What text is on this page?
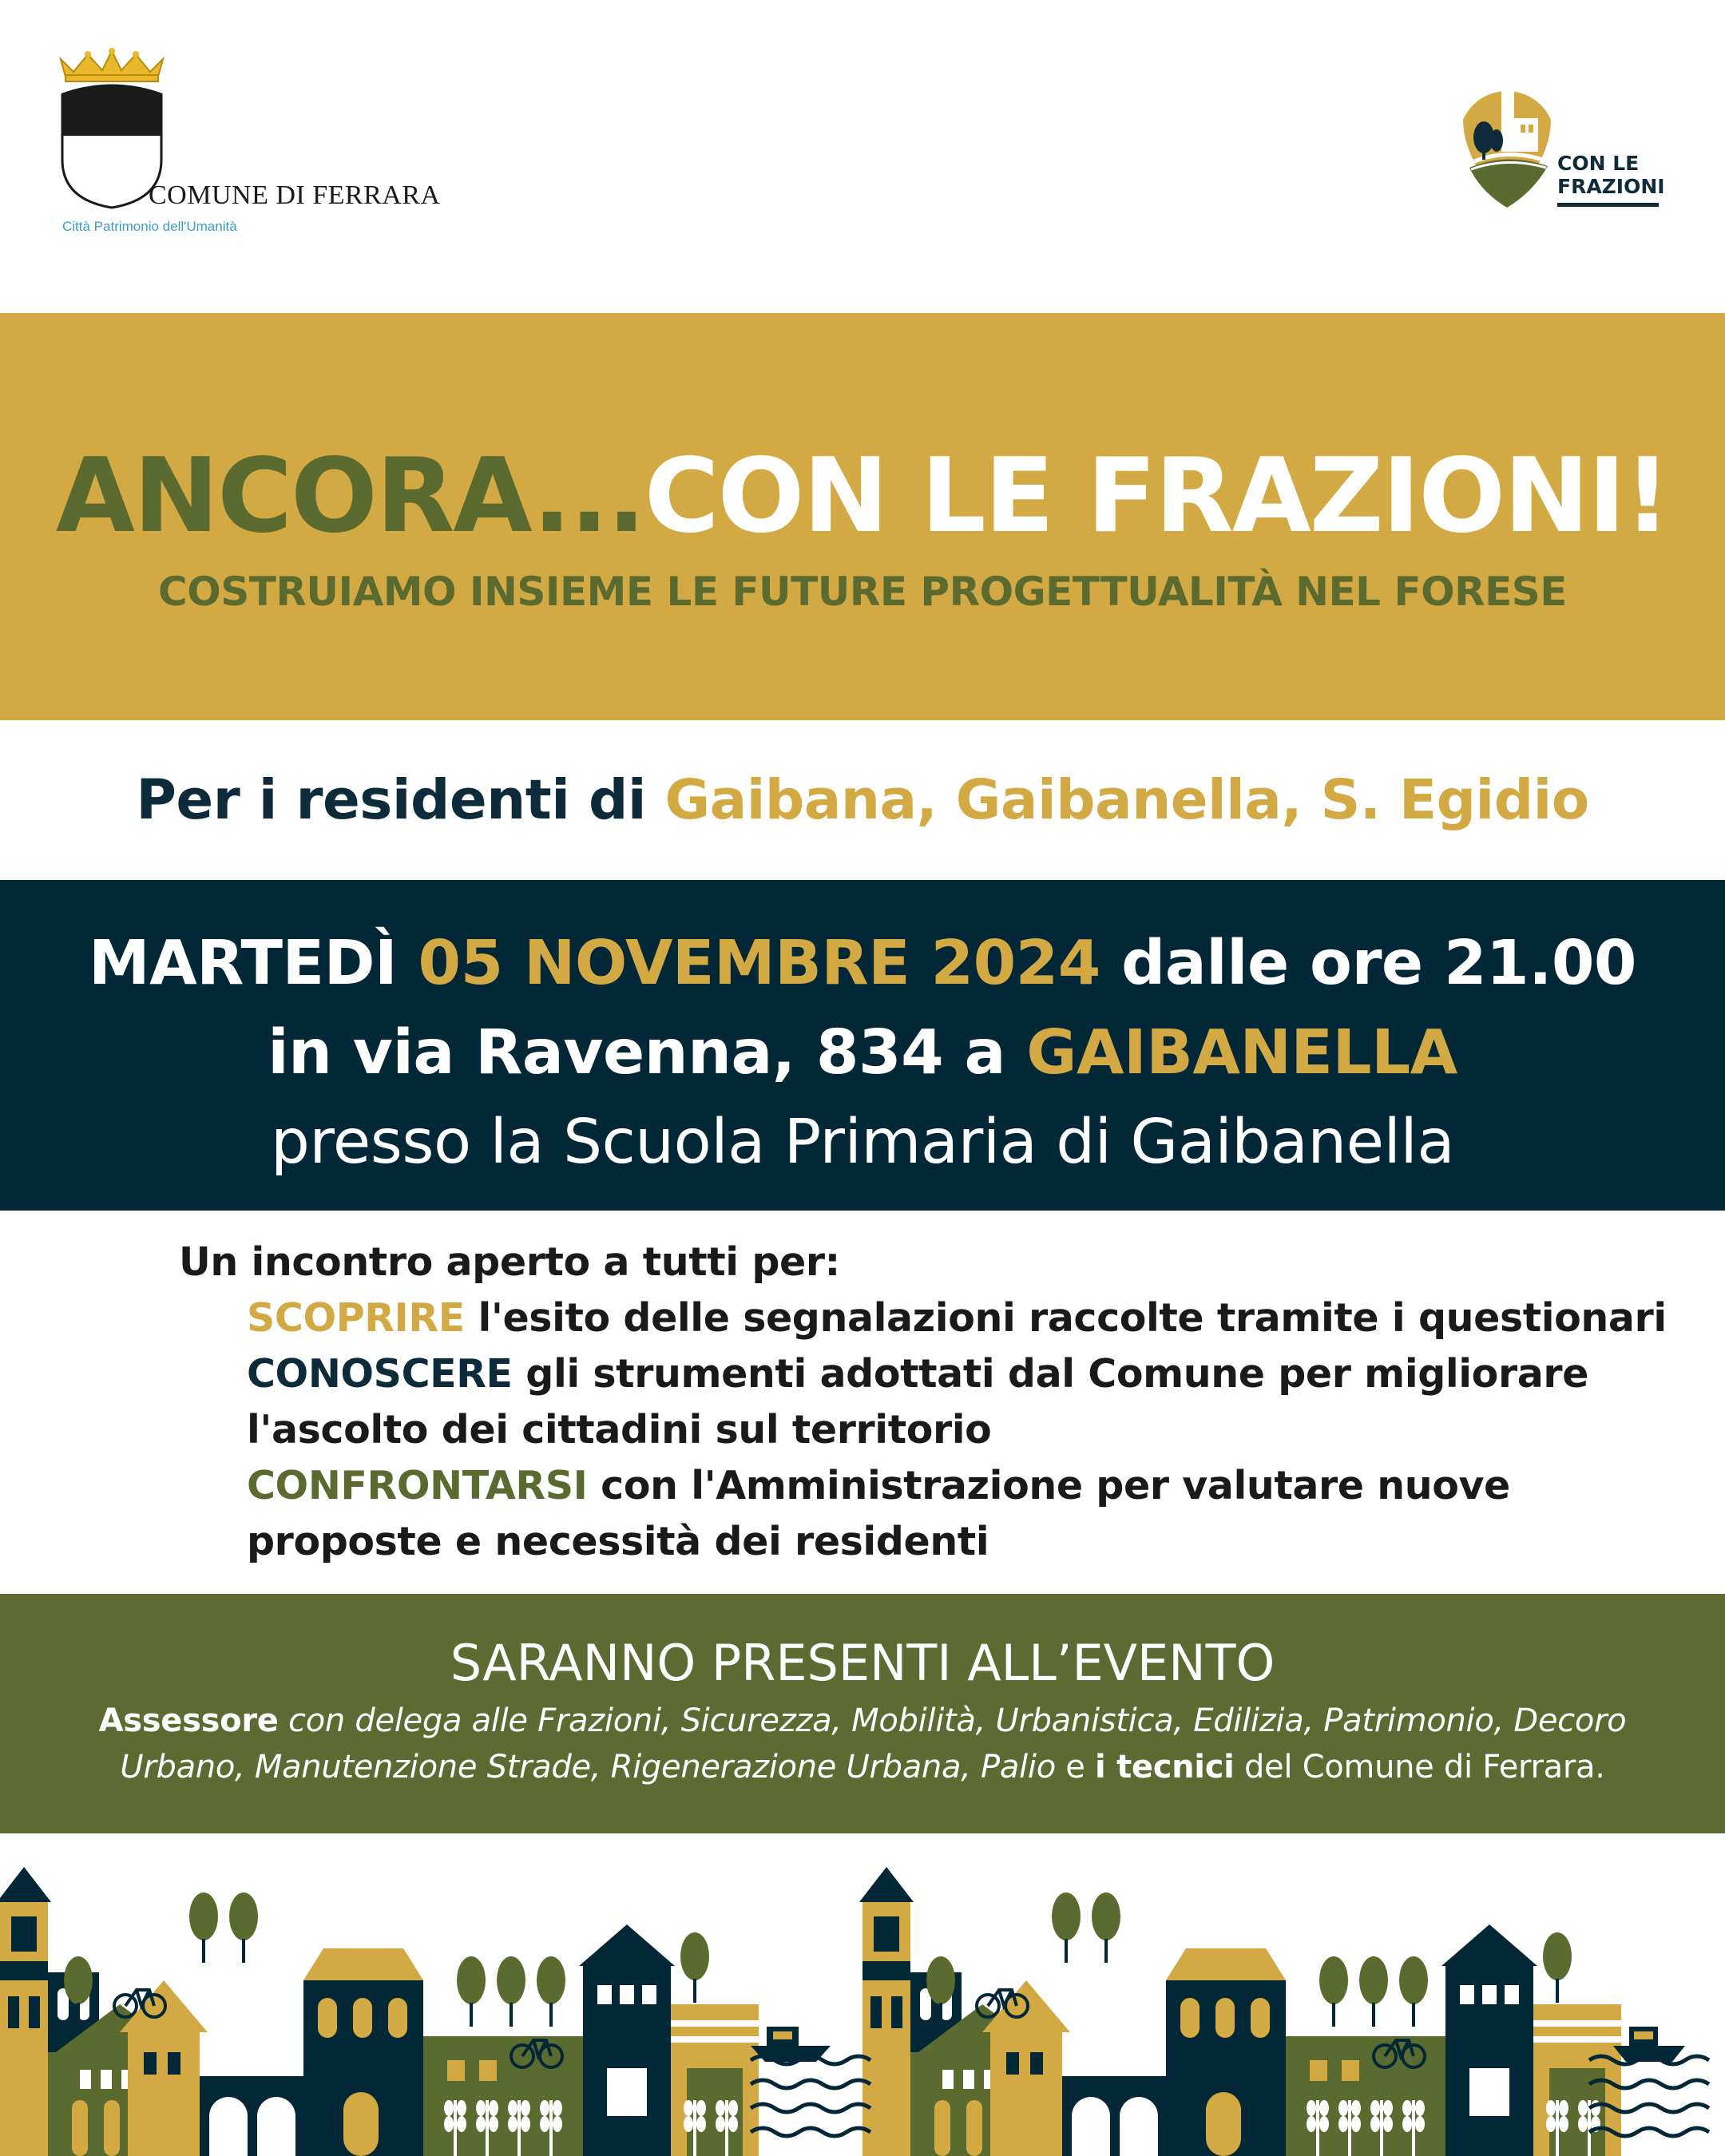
COMUNE DI FERRARA
Città Patrimonio dell'Umanità
CON LE
FRAZIONI
ANCORA...CON LE FRAZIONI!
COSTRUIAMO INSIEME LE FUTURE PROGETTUALITÀ NEL FORESE
Per i residenti di Gaibana, Gaibanella, S. Egidio
MARTEDÌ 05 NOVEMBRE 2024 dalle ore 21.00
in via Ravenna, 834 a GAIBANELLA
presso la Scuola Primaria di Gaibanella
Un incontro aperto a tutti per:
SCOPRIRE l'esito delle segnalazioni raccolte tramite i questionari
CONOSCERE gli strumenti adottati dal Comune per migliorare
l'ascolto dei cittadini sul territorio
CONFRONTARSI con l'Amministrazione per valutare nuove
proposte e necessità dei residenti
SARANNO PRESENTI ALL’EVENTO
Assessore con delega alle Frazioni, Sicurezza, Mobilità, Urbanistica, Edilizia, Patrimonio, Decoro
Urbano, Manutenzione Strade, Rigenerazione Urbana, Palio e i tecnici del Comune di Ferrara.
